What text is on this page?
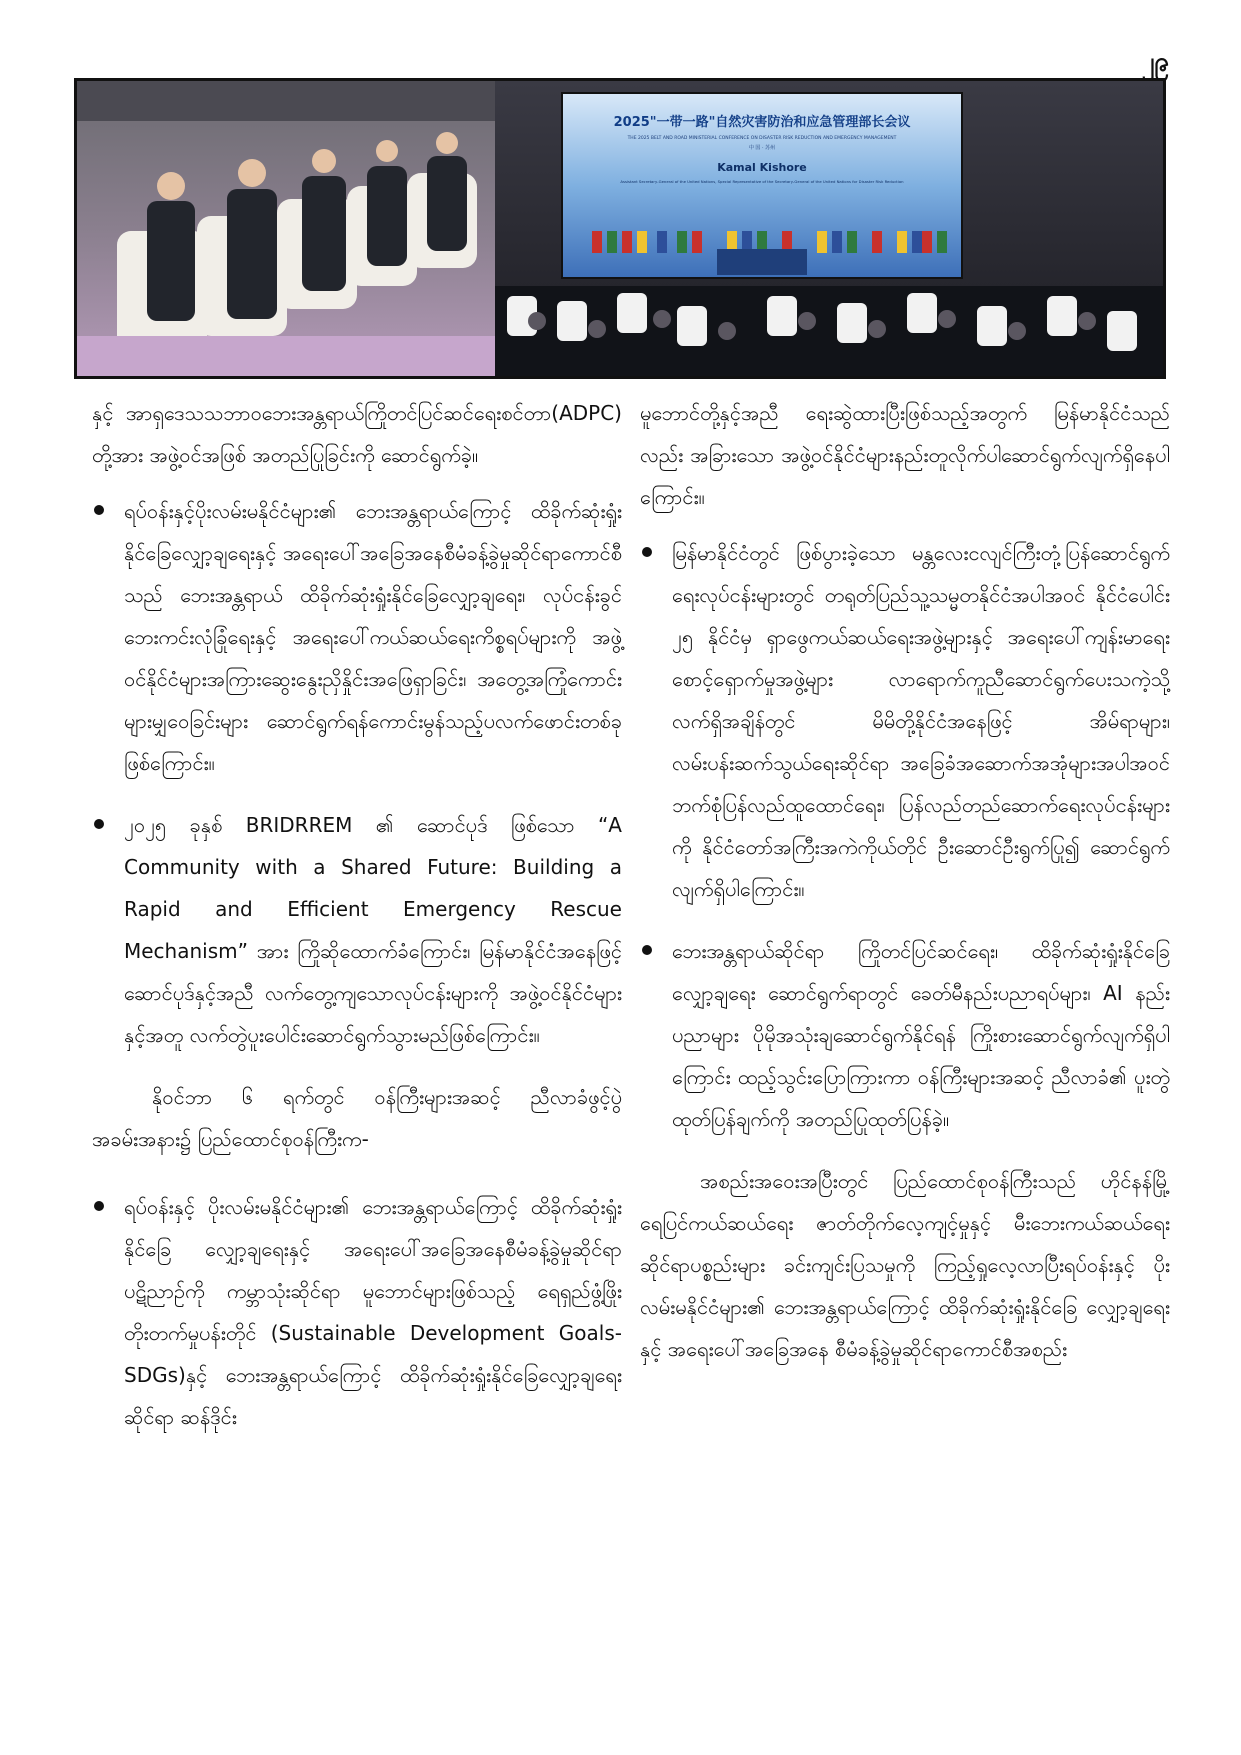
၂၉
2025"一带一路"自然灾害防治和应急管理部长会议
THE 2025 BELT AND ROAD MINISTERIAL CONFERENCE ON DISASTER RISK REDUCTION AND EMERGENCY MANAGEMENT
中 国 · 苏州
Kamal Kishore
Assistant Secretary-General of the United Nations, Special Representative of the Secretary-General of the United Nations for Disaster Risk Reduction

နှင့် အာရှဒေသသဘာဝဘေးအန္တရာယ်ကြိုတင်ပြင်ဆင်ရေးစင်တာ(ADPC) တို့အား အဖွဲ့ဝင်အဖြစ် အတည်ပြုခြင်းကို ဆောင်ရွက်ခဲ့။

ရပ်ဝန်းနှင့်ပိုးလမ်းမနိုင်ငံများ၏ ဘေးအန္တရာယ်ကြောင့် ထိခိုက်ဆုံးရှုံးနိုင်ခြေလျှော့ချရေးနှင့် အရေးပေါ်အခြေအနေစီမံခန့်ခွဲမှုဆိုင်ရာကောင်စီသည် ဘေးအန္တရာယ် ထိခိုက်ဆုံးရှုံးနိုင်ခြေလျှော့ချရေး၊ လုပ်ငန်းခွင်ဘေးကင်းလုံခြုံရေးနှင့် အရေးပေါ်ကယ်ဆယ်ရေးကိစ္စရပ်များကို အဖွဲ့ဝင်နိုင်ငံများအကြားဆွေးနွေးညှိနှိုင်းအဖြေရှာခြင်း၊ အတွေ့အကြုံကောင်းများမျှဝေခြင်းများ ဆောင်ရွက်ရန်ကောင်းမွန်သည့်ပလက်ဖောင်းတစ်ခုဖြစ်ကြောင်း။
၂၀၂၅ ခုနှစ် BRIDRREM ၏ ဆောင်ပုဒ် ဖြစ်သော “A Community with a Shared Future: Building a Rapid and Efficient Emergency Rescue Mechanism” အား ကြိုဆိုထောက်ခံကြောင်း၊ မြန်မာနိုင်ငံအနေဖြင့် ဆောင်ပုဒ်နှင့်အညီ လက်တွေ့ကျသောလုပ်ငန်းများကို အဖွဲ့ဝင်နိုင်ငံများနှင့်အတူ လက်တွဲပူးပေါင်းဆောင်ရွက်သွားမည်ဖြစ်ကြောင်း။

နိုဝင်ဘာ ၆ ရက်တွင် ဝန်ကြီးများအဆင့် ညီလာခံဖွင့်ပွဲအခမ်းအနား၌ ပြည်ထောင်စုဝန်ကြီးက-

ရပ်ဝန်းနှင့် ပိုးလမ်းမနိုင်ငံများ၏ ဘေးအန္တရာယ်ကြောင့် ထိခိုက်ဆုံးရှုံးနိုင်ခြေ လျှော့ချရေးနှင့် အရေးပေါ်အခြေအနေစီမံခန့်ခွဲမှုဆိုင်ရာပဋိညာဉ်ကို ကမ္ဘာသုံးဆိုင်ရာ မူဘောင်များဖြစ်သည့် ရေရှည်ဖွံ့ဖြိုးတိုးတက်မှုပန်းတိုင် (Sustainable Development Goals- SDGs)နှင့် ဘေးအန္တရာယ်ကြောင့် ထိခိုက်ဆုံးရှုံးနိုင်ခြေလျှော့ချရေးဆိုင်ရာ ဆန်ဒိုင်း

မူဘောင်တို့နှင့်အညီ ရေးဆွဲထားပြီးဖြစ်သည့်အတွက် မြန်မာနိုင်ငံသည်လည်း အခြားသော အဖွဲ့ဝင်နိုင်ငံများနည်းတူလိုက်ပါဆောင်ရွက်လျက်ရှိနေပါကြောင်း။

မြန်မာနိုင်ငံတွင် ဖြစ်ပွားခဲ့သော မန္တလေးငလျင်ကြီးတုံ့ပြန်ဆောင်ရွက်ရေးလုပ်ငန်းများတွင် တရုတ်ပြည်သူ့သမ္မတနိုင်ငံအပါအဝင် နိုင်ငံပေါင်း ၂၅ နိုင်ငံမှ ရှာဖွေကယ်ဆယ်ရေးအဖွဲ့များနှင့် အရေးပေါ်ကျန်းမာရေးစောင့်ရှောက်မှုအဖွဲ့များ လာရောက်ကူညီဆောင်ရွက်ပေးသကဲ့သို့ လက်ရှိအချိန်တွင် မိမိတို့နိုင်ငံအနေဖြင့် အိမ်ရာများ၊ လမ်းပန်းဆက်သွယ်ရေးဆိုင်ရာ အခြေခံအဆောက်အအုံများအပါအဝင် ဘက်စုံပြန်လည်ထူထောင်ရေး၊ ပြန်လည်တည်ဆောက်ရေးလုပ်ငန်းများကို နိုင်ငံတော်အကြီးအကဲကိုယ်တိုင် ဦးဆောင်ဦးရွက်ပြု၍ ဆောင်ရွက်လျက်ရှိပါကြောင်း။
ဘေးအန္တရာယ်ဆိုင်ရာ ကြိုတင်ပြင်ဆင်ရေး၊ ထိခိုက်ဆုံးရှုံးနိုင်ခြေလျှော့ချရေး ဆောင်ရွက်ရာတွင် ခေတ်မီနည်းပညာရပ်များ၊ AI နည်းပညာများ ပိုမိုအသုံးချဆောင်ရွက်နိုင်ရန် ကြိုးစားဆောင်ရွက်လျက်ရှိပါကြောင်း ထည့်သွင်းပြောကြားကာ ဝန်ကြီးများအဆင့် ညီလာခံ၏ ပူးတွဲထုတ်ပြန်ချက်ကို အတည်ပြုထုတ်ပြန်ခဲ့။

အစည်းအဝေးအပြီးတွင် ပြည်ထောင်စုဝန်ကြီးသည် ဟိုင်နန်မြို့ ရေပြင်ကယ်ဆယ်ရေး ဇာတ်တိုက်လေ့ကျင့်မှုနှင့် မီးဘေးကယ်ဆယ်ရေးဆိုင်ရာပစ္စည်းများ ခင်းကျင်းပြသမှုကို ကြည့်ရှုလေ့လာပြီးရပ်ဝန်းနှင့် ပိုးလမ်းမနိုင်ငံများ၏ ဘေးအန္တရာယ်ကြောင့် ထိခိုက်ဆုံးရှုံးနိုင်ခြေ လျှော့ချရေးနှင့် အရေးပေါ်အခြေအနေ စီမံခန့်ခွဲမှုဆိုင်ရာကောင်စီအစည်း
